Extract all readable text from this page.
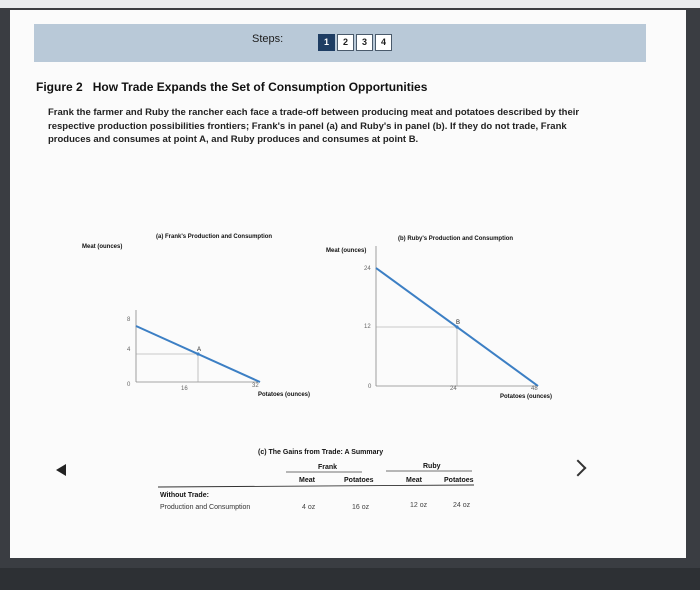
Steps:	1	2	3	4
Figure 2 How Trade Expands the Set of Consumption Opportunities
Frank the farmer and Ruby the rancher each face a trade-off between producing meat and potatoes described by their respective production possibilities frontiers; Frank's in panel (a) and Ruby's in panel (b). If they do not trade, Frank produces and consumes at point A, and Ruby produces and consumes at point B.
(a) Frank's Production and Consumption
Meat (ounces)
A
4
8
0
16	32
Potatoes (ounces)
(b) Ruby's Production and Consumption
Meat (ounces)
B
24
12
0	24	48
Potatoes (ounces)
(c) The Gains from Trade: A Summary
Frank	Ruby
Meat	Potatoes	Meat	Potatoes
Without Trade:
Production and Consumption	4 oz	16 oz	12 oz	24 oz
